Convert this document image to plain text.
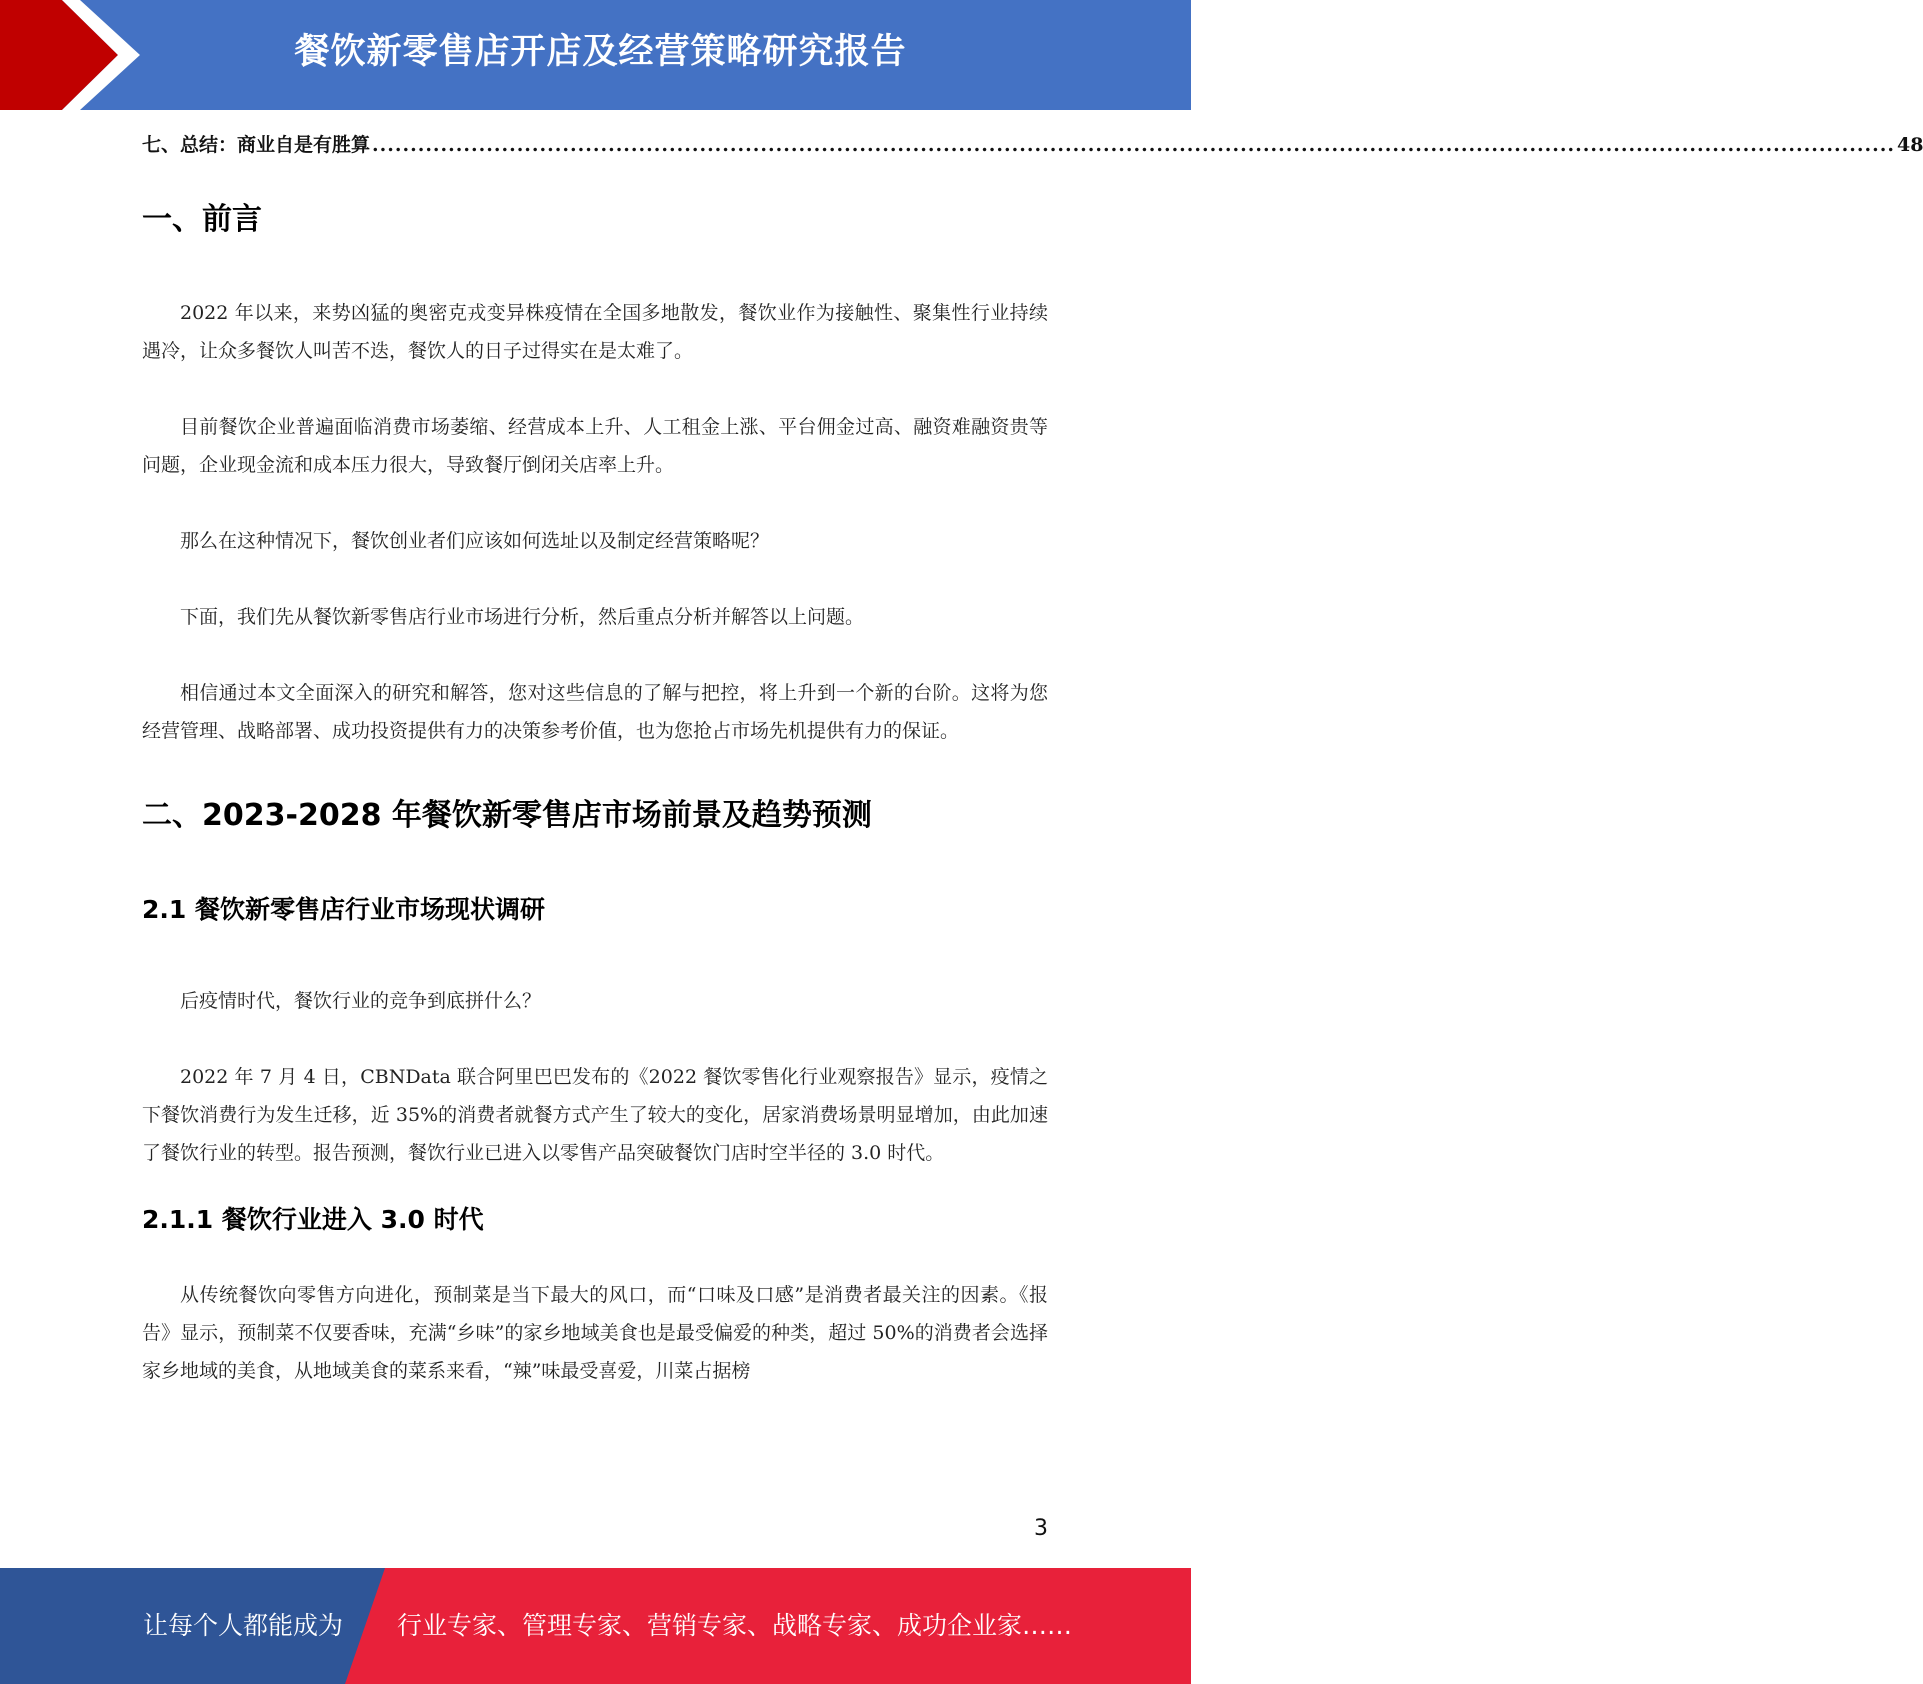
餐饮新零售店开店及经营策略研究报告
七、总结：商业自是有胜算 ........................................................................................................................................................................................................ 48
一、前言

2022 年以来，来势凶猛的奥密克戎变异株疫情在全国多地散发，餐饮业作为接触性、聚集性行业持续遇冷，让众多餐饮人叫苦不迭，餐饮人的日子过得实在是太难了。

目前餐饮企业普遍面临消费市场萎缩、经营成本上升、人工租金上涨、平台佣金过高、融资难融资贵等问题，企业现金流和成本压力很大，导致餐厅倒闭关店率上升。

那么在这种情况下，餐饮创业者们应该如何选址以及制定经营策略呢？

下面，我们先从餐饮新零售店行业市场进行分析，然后重点分析并解答以上问题。

相信通过本文全面深入的研究和解答，您对这些信息的了解与把控，将上升到一个新的台阶。这将为您经营管理、战略部署、成功投资提供有力的决策参考价值，也为您抢占市场先机提供有力的保证。

二、2023-2028 年餐饮新零售店市场前景及趋势预测
2.1 餐饮新零售店行业市场现状调研

后疫情时代，餐饮行业的竞争到底拼什么？

2022 年 7 月 4 日，CBNData 联合阿里巴巴发布的《2022 餐饮零售化行业观察报告》显示，疫情之下餐饮消费行为发生迁移，近 35%的消费者就餐方式产生了较大的变化，居家消费场景明显增加，由此加速了餐饮行业的转型。报告预测，餐饮行业已进入以零售产品突破餐饮门店时空半径的 3.0 时代。

2.1.1 餐饮行业进入 3.0 时代

从传统餐饮向零售方向进化，预制菜是当下最大的风口，而“口味及口感”是消费者最关注的因素。《报告》显示，预制菜不仅要香味，充满“乡味”的家乡地域美食也是最受偏爱的种类，超过 50%的消费者会选择家乡地域的美食，从地域美食的菜系来看，“辣”味最受喜爱，川菜占据榜

3
让每个人都能成为 行业专家、管理专家、营销专家、战略专家、成功企业家……
